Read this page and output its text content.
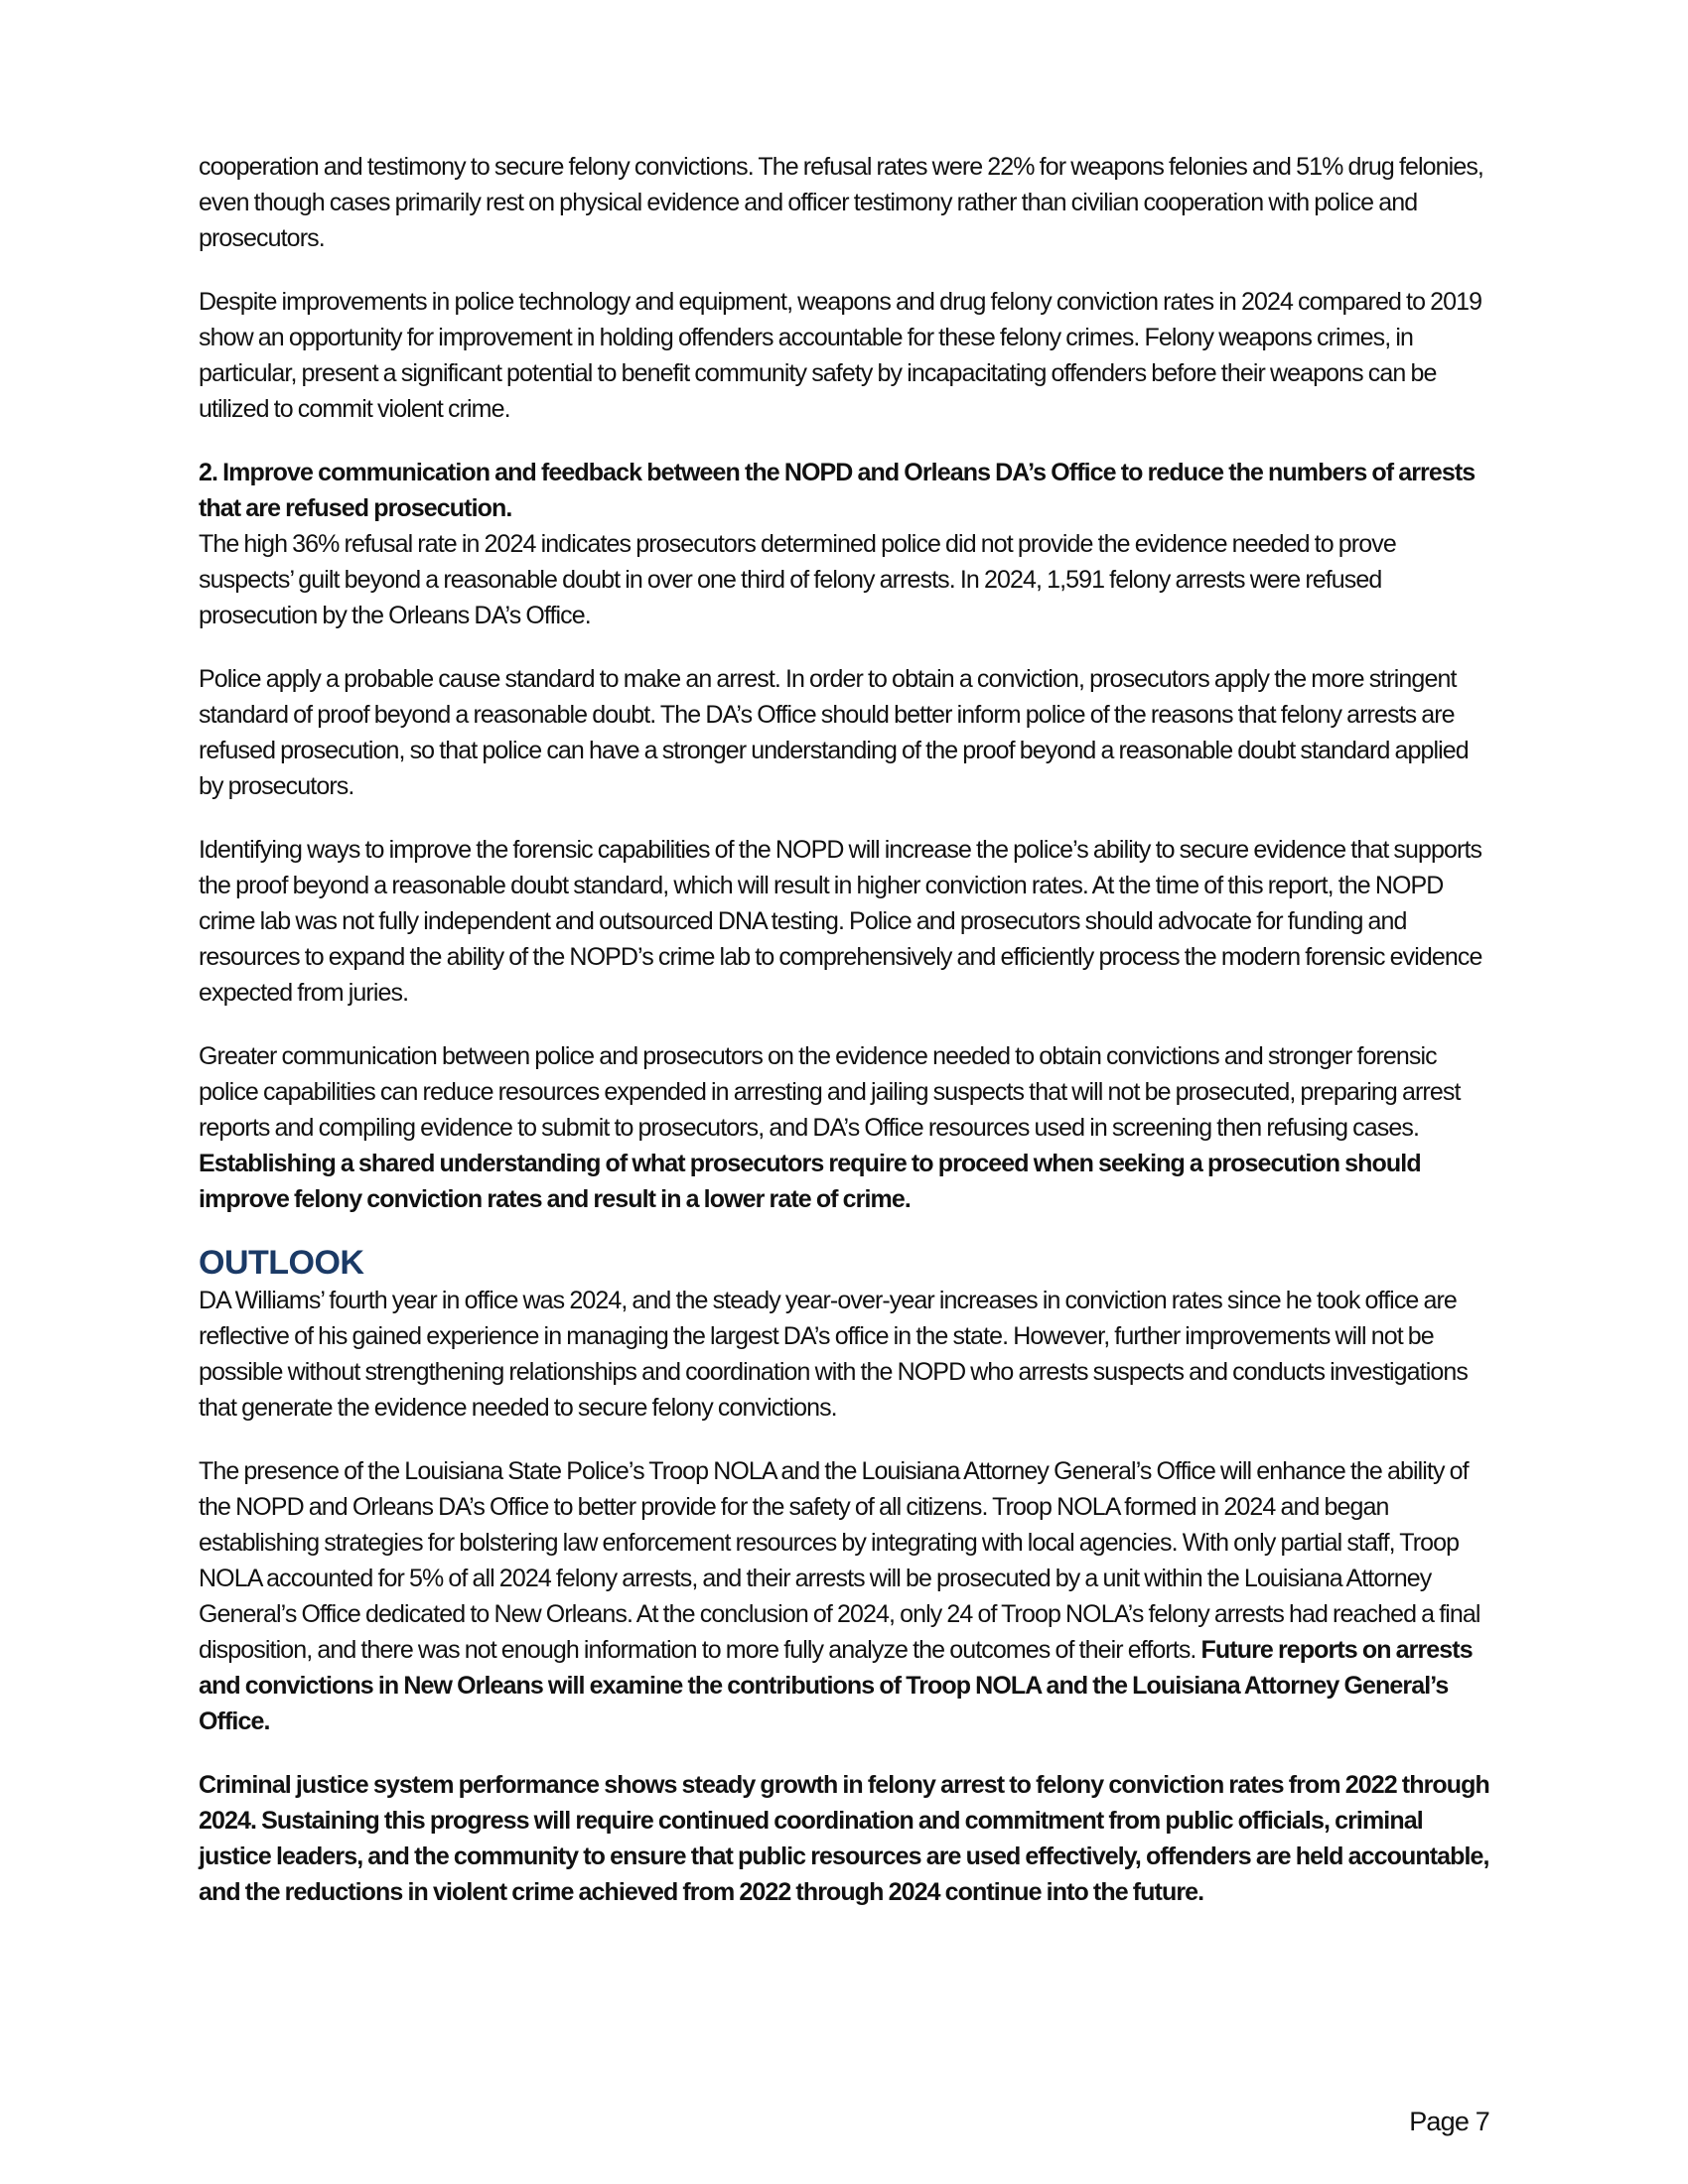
cooperation and testimony to secure felony convictions. The refusal rates were 22% for weapons felonies and 51% drug felonies, even though cases primarily rest on physical evidence and officer testimony rather than civilian cooperation with police and prosecutors.

Despite improvements in police technology and equipment, weapons and drug felony conviction rates in 2024 compared to 2019 show an opportunity for improvement in holding offenders accountable for these felony crimes. Felony weapons crimes, in particular, present a significant potential to benefit community safety by incapacitating offenders before their weapons can be utilized to commit violent crime.

2. Improve communication and feedback between the NOPD and Orleans DA’s Office to reduce the numbers of arrests that are refused prosecution.

The high 36% refusal rate in 2024 indicates prosecutors determined police did not provide the evidence needed to prove suspects’ guilt beyond a reasonable doubt in over one third of felony arrests. In 2024, 1,591 felony arrests were refused prosecution by the Orleans DA’s Office.

Police apply a probable cause standard to make an arrest. In order to obtain a conviction, prosecutors apply the more stringent standard of proof beyond a reasonable doubt. The DA’s Office should better inform police of the reasons that felony arrests are refused prosecution, so that police can have a stronger understanding of the proof beyond a reasonable doubt standard applied by prosecutors.

Identifying ways to improve the forensic capabilities of the NOPD will increase the police’s ability to secure evidence that supports the proof beyond a reasonable doubt standard, which will result in higher conviction rates. At the time of this report, the NOPD crime lab was not fully independent and outsourced DNA testing. Police and prosecutors should advocate for funding and resources to expand the ability of the NOPD’s crime lab to comprehensively and efficiently process the modern forensic evidence expected from juries.

Greater communication between police and prosecutors on the evidence needed to obtain convictions and stronger forensic police capabilities can reduce resources expended in arresting and jailing suspects that will not be prosecuted, preparing arrest reports and compiling evidence to submit to prosecutors, and DA’s Office resources used in screening then refusing cases. Establishing a shared understanding of what prosecutors require to proceed when seeking a prosecution should improve felony conviction rates and result in a lower rate of crime.

OUTLOOK

DA Williams’ fourth year in office was 2024, and the steady year-over-year increases in conviction rates since he took office are reflective of his gained experience in managing the largest DA’s office in the state. However, further improvements will not be possible without strengthening relationships and coordination with the NOPD who arrests suspects and conducts investigations that generate the evidence needed to secure felony convictions.

The presence of the Louisiana State Police’s Troop NOLA and the Louisiana Attorney General’s Office will enhance the ability of the NOPD and Orleans DA’s Office to better provide for the safety of all citizens. Troop NOLA formed in 2024 and began establishing strategies for bolstering law enforcement resources by integrating with local agencies. With only partial staff, Troop NOLA accounted for 5% of all 2024 felony arrests, and their arrests will be prosecuted by a unit within the Louisiana Attorney General’s Office dedicated to New Orleans. At the conclusion of 2024, only 24 of Troop NOLA’s felony arrests had reached a final disposition, and there was not enough information to more fully analyze the outcomes of their efforts. Future reports on arrests and convictions in New Orleans will examine the contributions of Troop NOLA and the Louisiana Attorney General’s Office.

Criminal justice system performance shows steady growth in felony arrest to felony conviction rates from 2022 through 2024. Sustaining this progress will require continued coordination and commitment from public officials, criminal justice leaders, and the community to ensure that public resources are used effectively, offenders are held accountable, and the reductions in violent crime achieved from 2022 through 2024 continue into the future.

Page 7
